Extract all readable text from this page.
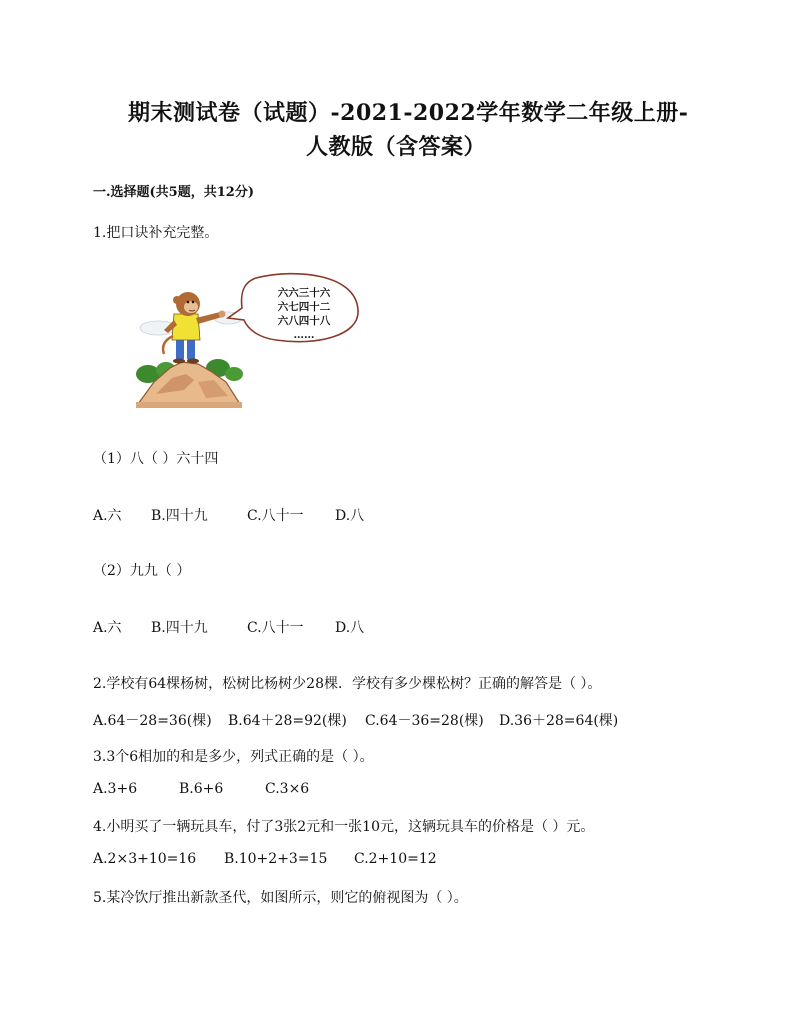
期末测试卷（试题）-2021-2022学年数学二年级上册-
人教版（含答案）
一.选择题(共5题，共12分)
1.把口诀补充完整。
六六三十六
六七四十二
六八四十八
……
（1）八（ ）六十四
A.六 B.四十九	C.八十一 D.八
（2）九九（ ）
A.六 B.四十九	C.八十一 D.八
2.学校有64棵杨树，松树比杨树少28棵．学校有多少棵松树？正确的解答是（ ）。
A.64－28=36(棵) B.64＋28=92(棵) C.64－36=28(棵) D.36＋28=64(棵)
3.3个6相加的和是多少，列式正确的是（ ）。
A.3+6	B.6+6	C.3×6
4.小明买了一辆玩具车，付了3张2元和一张10元，这辆玩具车的价格是（ ）元。
A.2×3+10=16 B.10+2+3=15 C.2+10=12
5.某冷饮厅推出新款圣代，如图所示，则它的俯视图为（ ）。
